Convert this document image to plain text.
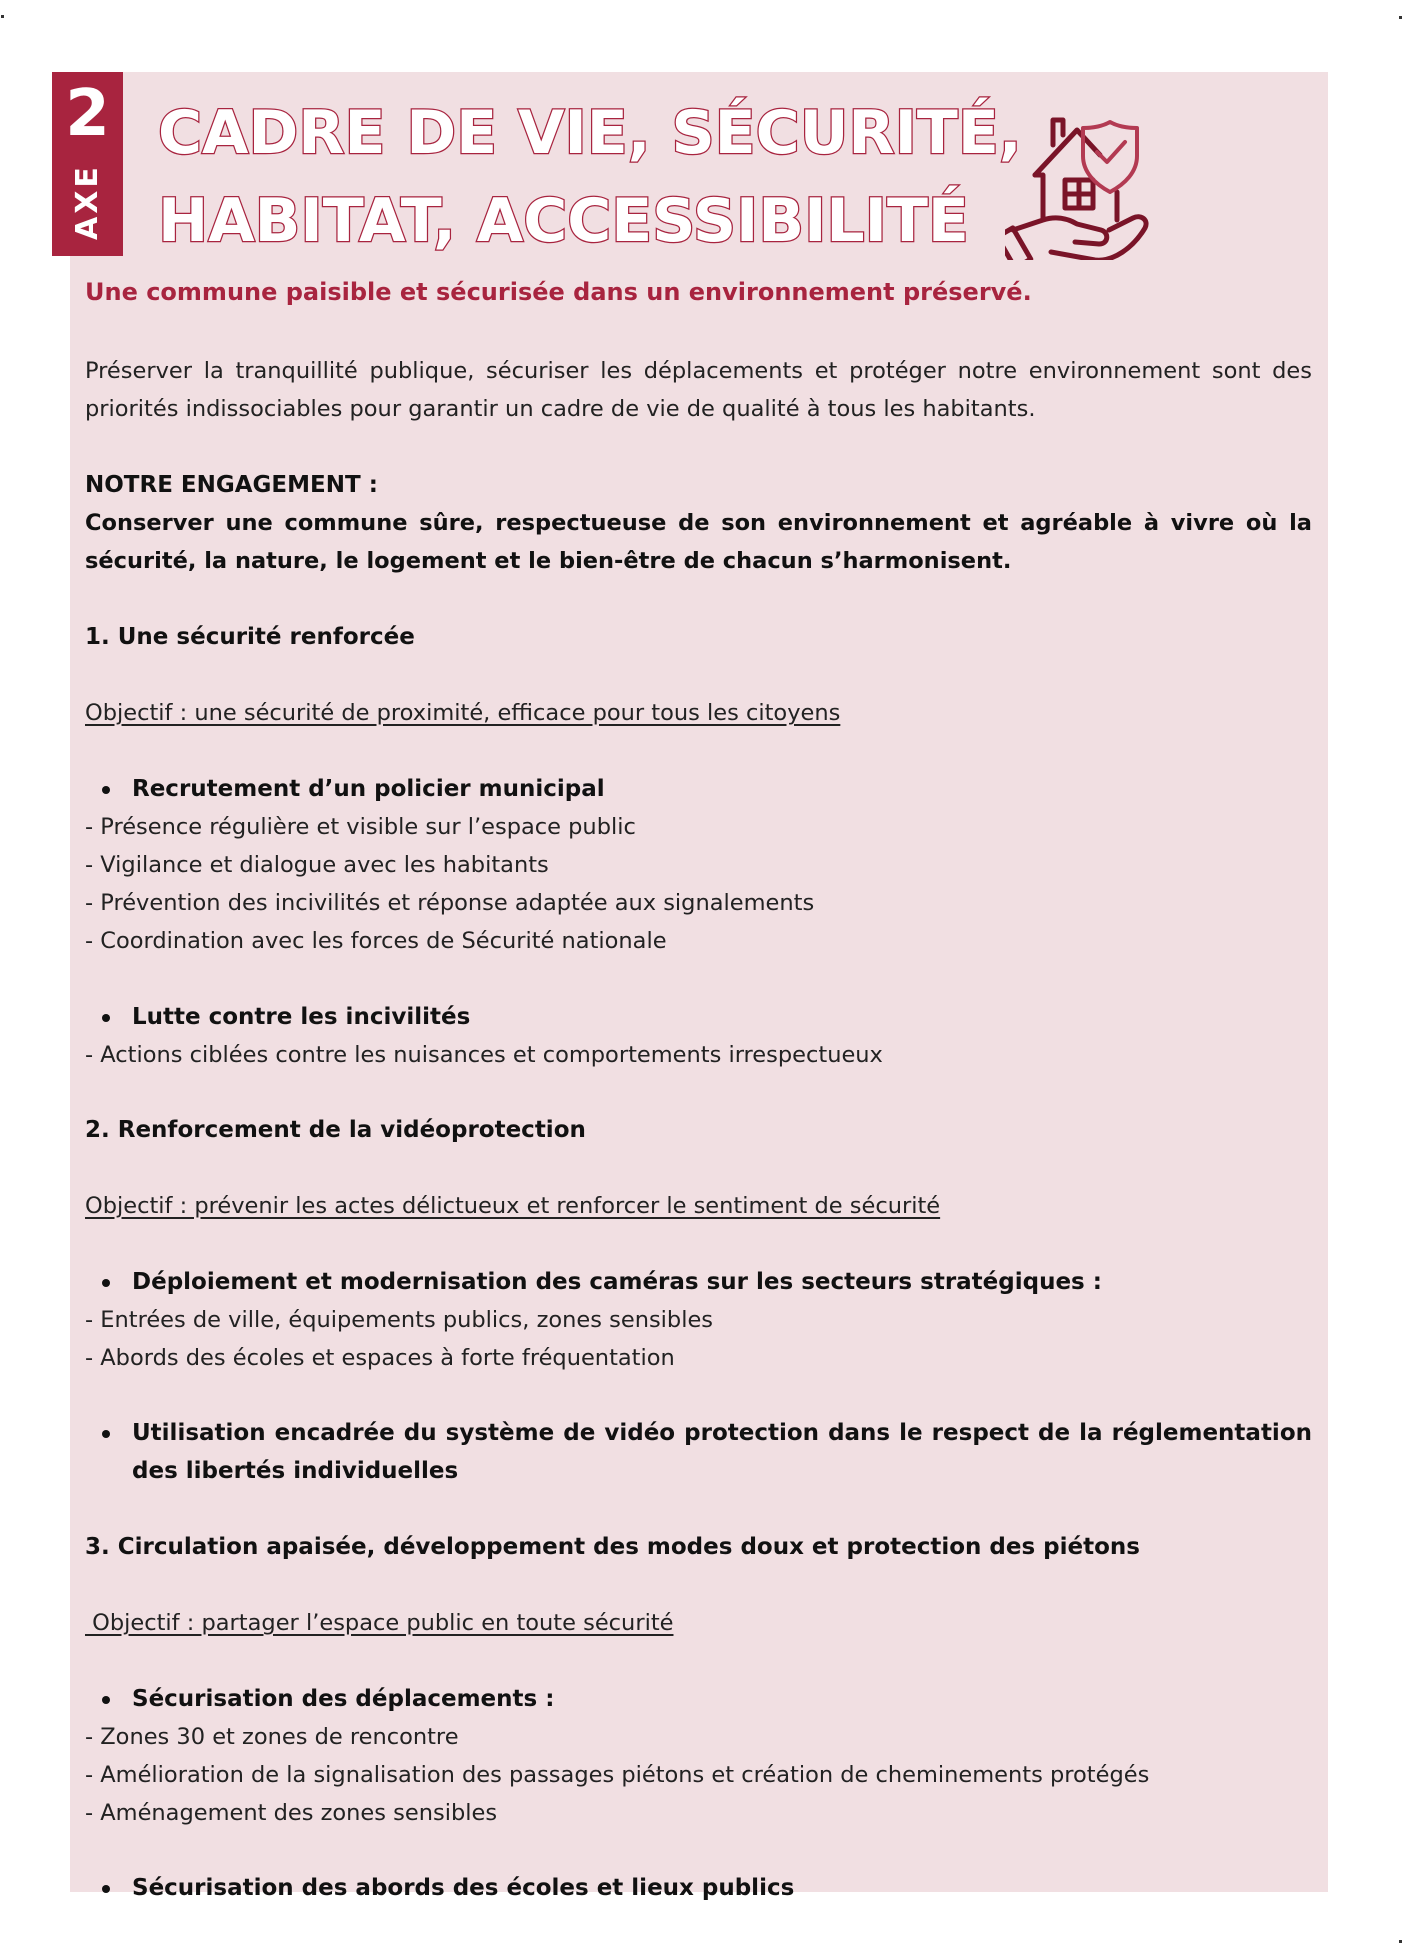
2
AXE
CADRE DE VIE, SÉCURITÉ,
HABITAT, ACCESSIBILITÉ
Une commune paisible et sécurisée dans un environnement préservé.
Préserver la tranquillité publique, sécuriser les déplacements et protéger notre environnement sont des priorités indissociables pour garantir un cadre de vie de qualité à tous les habitants.
NOTRE ENGAGEMENT :
Conserver une commune sûre, respectueuse de son environnement et agréable à vivre où la sécurité, la nature, le logement et le bien-être de chacun s’harmonisent.
1. Une sécurité renforcée
Objectif : une sécurité de proximité, efficace pour tous les citoyens
Recrutement d’un policier municipal
- Présence régulière et visible sur l’espace public
- Vigilance et dialogue avec les habitants
- Prévention des incivilités et réponse adaptée aux signalements
- Coordination avec les forces de Sécurité nationale
Lutte contre les incivilités
- Actions ciblées contre les nuisances et comportements irrespectueux
2. Renforcement de la vidéoprotection
Objectif : prévenir les actes délictueux et renforcer le sentiment de sécurité
Déploiement et modernisation des caméras sur les secteurs stratégiques :
- Entrées de ville, équipements publics, zones sensibles
- Abords des écoles et espaces à forte fréquentation
Utilisation encadrée du système de vidéo protection dans le respect de la réglementation des libertés individuelles
3. Circulation apaisée, développement des modes doux et protection des piétons
Objectif : partager l’espace public en toute sécurité
Sécurisation des déplacements :
- Zones 30 et zones de rencontre
- Amélioration de la signalisation des passages piétons et création de cheminements protégés
- Aménagement des zones sensibles
Sécurisation des abords des écoles et lieux publics
